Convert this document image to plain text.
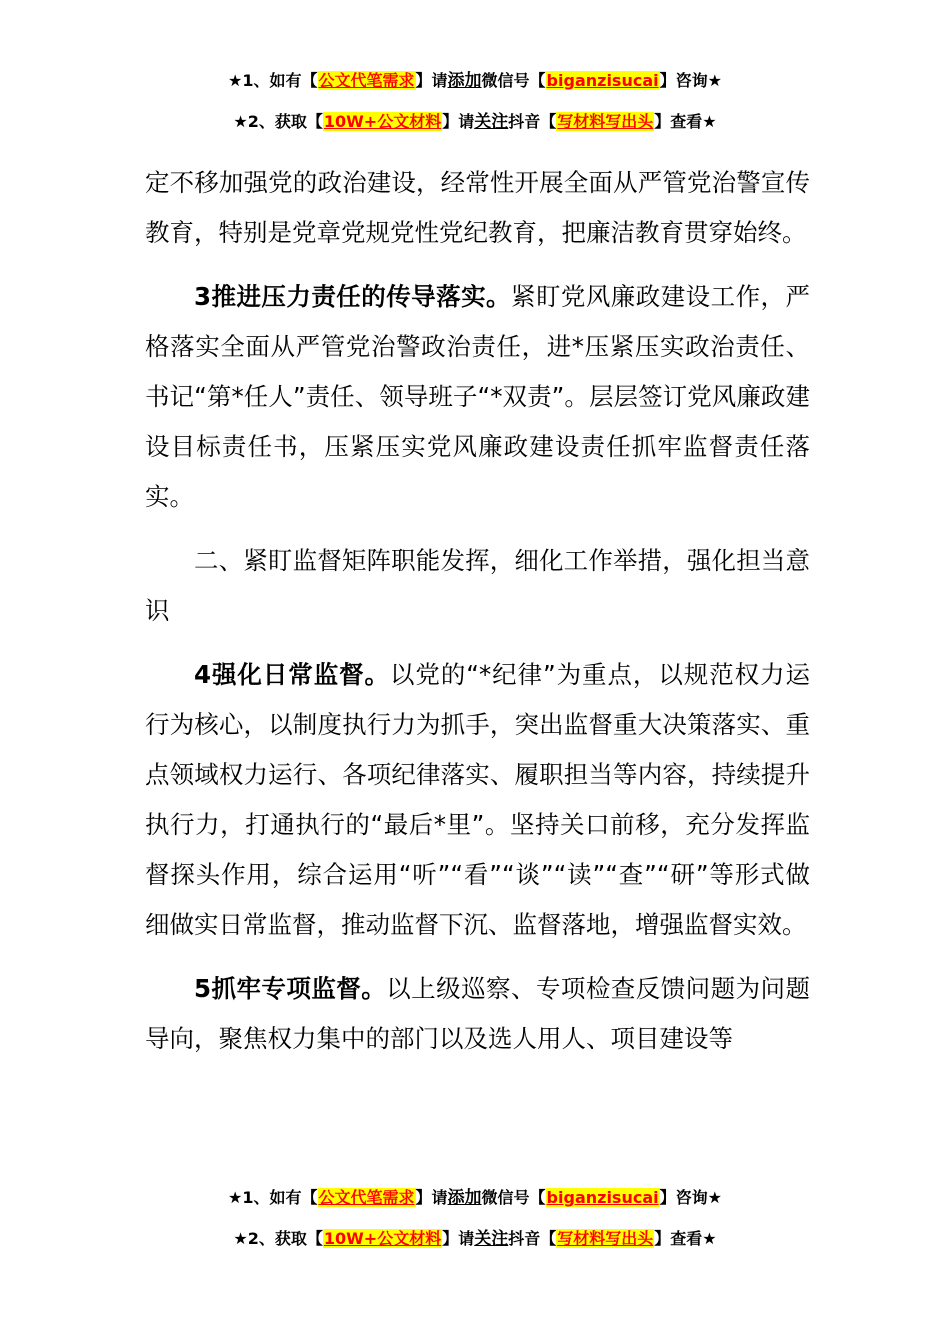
★1、如有【公文代笔需求】请添加微信号【biganzisucai】咨询★
★2、获取【10W+公文材料】请关注抖音【写材料写出头】查看★

定不移加强党的政治建设，经常性开展全面从严管党治警宣传教育，特别是党章党规党性党纪教育，把廉洁教育贯穿始终。

3推进压力责任的传导落实。紧盯党风廉政建设工作，严格落实全面从严管党治警政治责任，进*压紧压实政治责任、书记“第*任人”责任、领导班子“*双责”。层层签订党风廉政建设目标责任书，压紧压实党风廉政建设责任抓牢监督责任落实。

二、紧盯监督矩阵职能发挥，细化工作举措，强化担当意识

4强化日常监督。以党的“*纪律”为重点，以规范权力运行为核心，以制度执行力为抓手，突出监督重大决策落实、重点领域权力运行、各项纪律落实、履职担当等内容，持续提升执行力，打通执行的“最后*里”。坚持关口前移，充分发挥监督探头作用，综合运用“听”“看”“谈”“读”“查”“研”等形式做细做实日常监督，推动监督下沉、监督落地，增强监督实效。

5抓牢专项监督。以上级巡察、专项检查反馈问题为问题导向，聚焦权力集中的部门以及选人用人、项目建设等

★1、如有【公文代笔需求】请添加微信号【biganzisucai】咨询★
★2、获取【10W+公文材料】请关注抖音【写材料写出头】查看★
